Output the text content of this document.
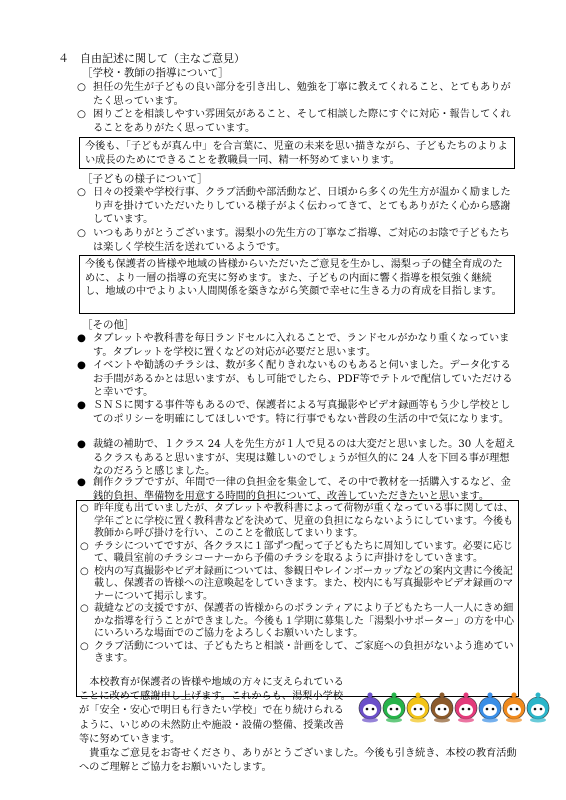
４　自由記述に関して（主なご意見）
［学校・教師の指導について］
○ 担任の先生が子どもの良い部分を引き出し、勉強を丁寧に教えてくれること、とてもありがたく思っています。
○ 困りごとを相談しやすい雰囲気があること、そして相談した際にすぐに対応・報告してくれることをありがたく思っています。
今後も、「子どもが真ん中」を合言葉に、児童の未来を思い描きながら、子どもたちのよりよい成長のためにできることを教職員一同、精一杯努めてまいります。
［子どもの様子について］
○ 日々の授業や学校行事、クラブ活動や部活動など、日頃から多くの先生方が温かく励ましたり声を掛けていただいたりしている様子がよく伝わってきて、とてもありがたく心から感謝しています。
○ いつもありがとうございます。湯梨小の先生方の丁寧なご指導、ご対応のお陰で子どもたちは楽しく学校生活を送れているようです。
今後も保護者の皆様や地域の皆様からいただいたご意見を生かし、湯梨っ子の健全育成のために、より一層の指導の充実に努めます。また、子どもの内面に響く指導を根気強く継続し、地域の中でよりよい人間関係を築きながら笑顔で幸せに生きる力の育成を目指します。
［その他］
● タブレットや教科書を毎日ランドセルに入れることで、ランドセルがかなり重くなっています。タブレットを学校に置くなどの対応が必要だと思います。
● イベントや勧誘のチラシは、数が多く配りきれないものもあると伺いました。データ化するお手間があるかとは思いますが、もし可能でしたら、PDF等でテトルで配信していただけると幸いです。
● ＳＮＳに関する事件等もあるので、保護者による写真撮影やビデオ録画等もう少し学校としてのポリシーを明確にしてほしいです。特に行事でもない普段の生活の中で気になります。
● 裁縫の補助で、１クラス 24 人を先生方が１人で見るのは大変だと思いました。30 人を超えるクラスもあると思いますが、実現は難しいのでしょうが恒久的に 24 人を下回る事が理想なのだろうと感じました。
● 創作クラブですが、年間で一律の負担金を集金して、その中で教材を一括購入するなど、金銭的負担、準備物を用意する時間的負担について、改善していただきたいと思います。
○ 昨年度も出ていましたが、タブレットや教科書によって荷物が重くなっている事に関しては、学年ごとに学校に置く教科書などを決めて、児童の負担にならないようにしています。今後も教師から呼び掛けを行い、このことを徹底してまいります。
○ チラシについてですが、各クラスに１部ずつ配って子どもたちに周知しています。必要に応じて、職員室前のチラシコーナーから予備のチラシを取るように声掛けをしていきます。
○ 校内の写真撮影やビデオ録画については、参観日やレインボーカップなどの案内文書に今後記載し、保護者の皆様への注意喚起をしていきます。また、校内にも写真撮影やビデオ録画のマナーについて掲示します。
○ 裁縫などの支援ですが、保護者の皆様からのボランティアにより子どもたち一人一人にきめ細かな指導を行うことができました。今後も１学期に募集した「湯梨小サポーター」の方を中心にいろいろな場面でのご協力をよろしくお願いいたします。
○ クラブ活動については、子どもたちと相談・計画をして、ご家庭への負担がないよう進めていきます。
本校教育が保護者の皆様や地域の方々に支えられていることに改めて感謝申し上げます。これからも、湯梨小学校が「安全・安心で明日も行きたい学校」で在り続けられるように、いじめの未然防止や施設・設備の整備、授業改善等に努めていきます。
貴重なご意見をお寄せくださり、ありがとうございました。今後も引き続き、本校の教育活動へのご理解とご協力をお願いいたします。
